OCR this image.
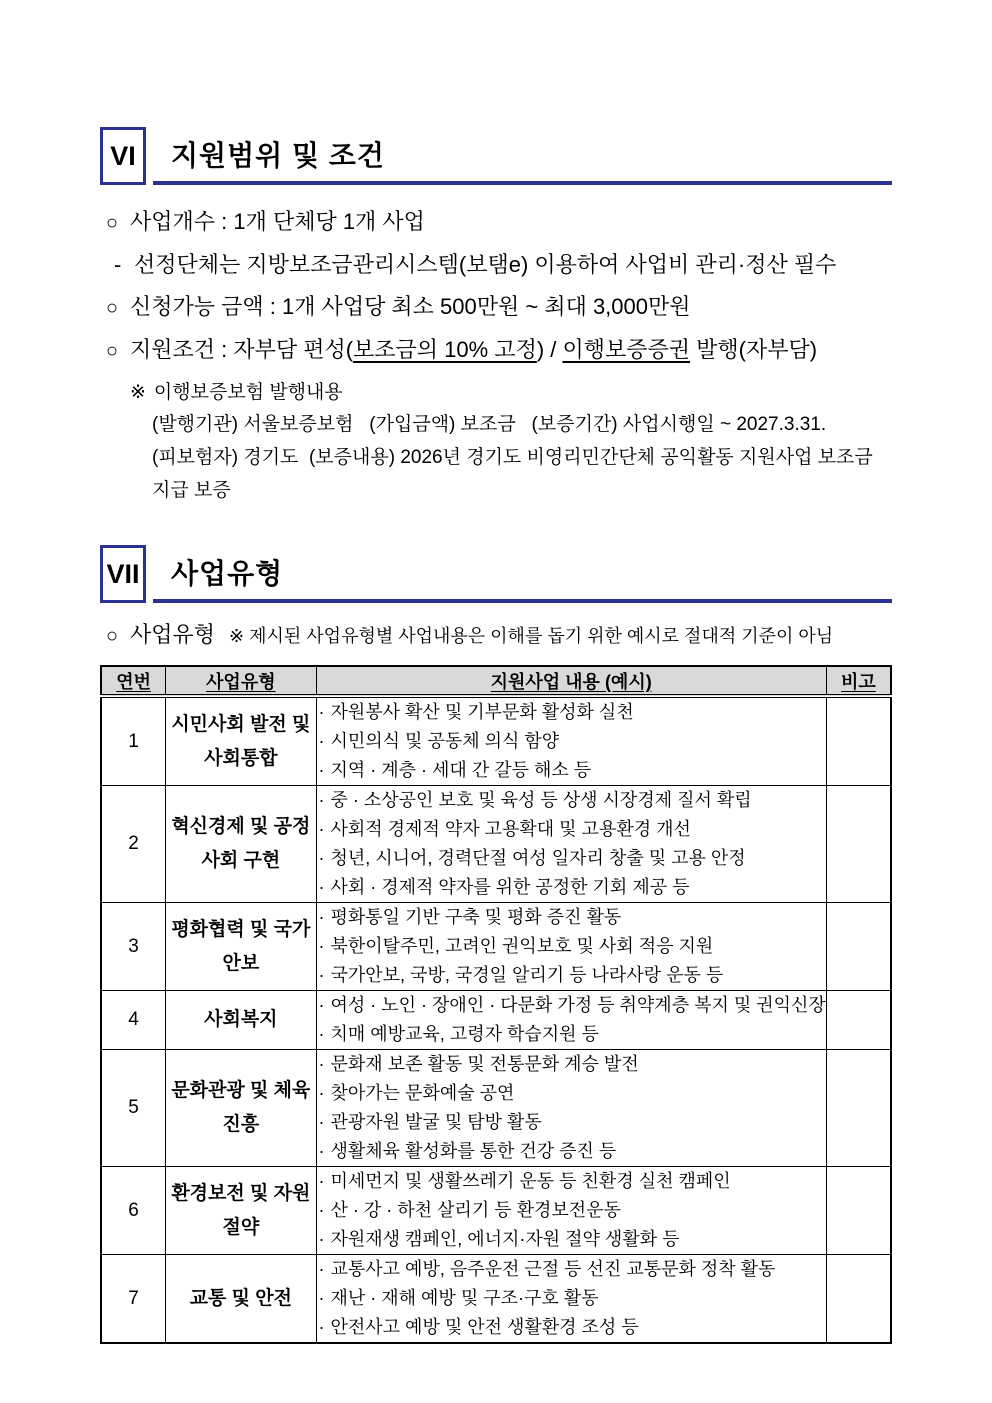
VI 지원범위 및 조건
○ 사업개수 : 1개 단체당 1개 사업
- 선정단체는 지방보조금관리시스템(보탬e) 이용하여 사업비 관리·정산 필수
○ 신청가능 금액 : 1개 사업당 최소 500만원 ~ 최대 3,000만원
○ 지원조건 : 자부담 편성(보조금의 10% 고정) / 이행보증증권 발행(자부담)
※ 이행보증보험 발행내용
(발행기관) 서울보증보험   (가입금액) 보조금   (보증기간) 사업시행일 ~ 2027.3.31.
(피보험자) 경기도  (보증내용) 2026년 경기도 비영리민간단체 공익활동 지원사업 보조금 지급 보증
VII 사업유형
○ 사업유형 ※ 제시된 사업유형별 사업내용은 이해를 돕기 위한 예시로 절대적 기준이 아님
연번	사업유형	지원사업 내용 (예시)	비고
1	시민사회 발전 및 사회통합	· 자원봉사 확산 및 기부문화 활성화 실천
· 시민의식 및 공동체 의식 함양
· 지역 · 계층 · 세대 간 갈등 해소 등	

2	혁신경제 및 공정사회 구현	· 중 · 소상공인 보호 및 육성 등 상생 시장경제 질서 확립
· 사회적 경제적 약자 고용확대 및 고용환경 개선
· 청년, 시니어, 경력단절 여성 일자리 창출 및 고용 안정
· 사회 · 경제적 약자를 위한 공정한 기회 제공 등	

3	평화협력 및 국가안보	· 평화통일 기반 구축 및 평화 증진 활동
· 북한이탈주민, 고려인 권익보호 및 사회 적응 지원
· 국가안보, 국방, 국경일 알리기 등 나라사랑 운동 등	

4	사회복지	· 여성 · 노인 · 장애인 · 다문화 가정 등 취약계층 복지 및 권익신장
· 치매 예방교육, 고령자 학습지원 등	

5	문화관광 및 체육진흥	· 문화재 보존 활동 및 전통문화 계승 발전
· 찾아가는 문화예술 공연
· 관광자원 발굴 및 탐방 활동
· 생활체육 활성화를 통한 건강 증진 등	

6	환경보전 및 자원절약	· 미세먼지 및 생활쓰레기 운동 등 친환경 실천 캠페인
· 산 · 강 · 하천 살리기 등 환경보전운동
· 자원재생 캠페인, 에너지·자원 절약 생활화 등	

7	교통 및 안전	· 교통사고 예방, 음주운전 근절 등 선진 교통문화 정착 활동
· 재난 · 재해 예방 및 구조·구호 활동
· 안전사고 예방 및 안전 생활환경 조성 등	
